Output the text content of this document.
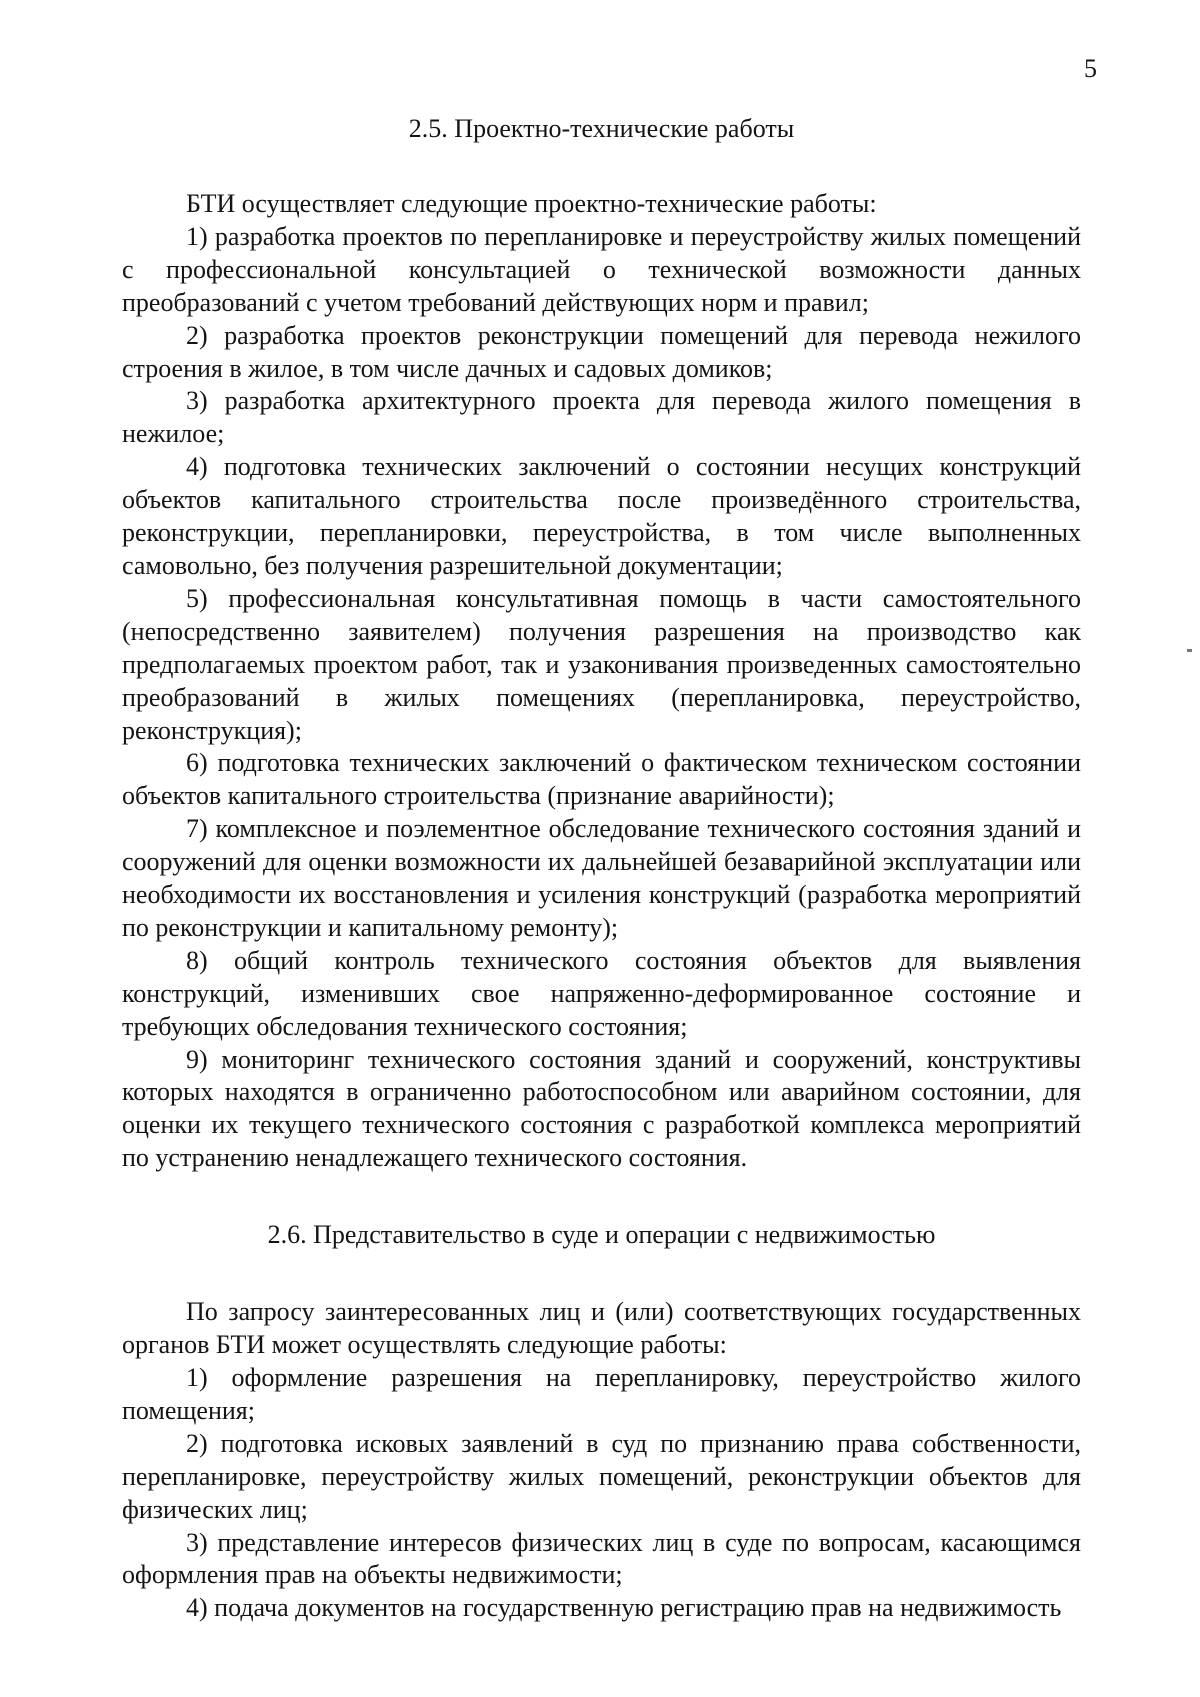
5
2.5. Проектно-технические работы

БТИ осуществляет следующие проектно-технические работы:

1) разработка проектов по перепланировке и переустройству жилых помещений с профессиональной консультацией о технической возможности данных преобразований с учетом требований действующих норм и правил;

2) разработка проектов реконструкции помещений для перевода нежилого строения в жилое, в том числе дачных и садовых домиков;

3) разработка архитектурного проекта для перевода жилого помещения в нежилое;

4) подготовка технических заключений о состоянии несущих конструкций объектов капитального строительства после произведённого строительства, реконструкции, перепланировки, переустройства, в том числе выполненных самовольно, без получения разрешительной документации;

5) профессиональная консультативная помощь в части самостоятельного (непосредственно заявителем) получения разрешения на производство как предполагаемых проектом работ, так и узаконивания произведенных самостоятельно преобразований в жилых помещениях (перепланировка, переустройство, реконструкция);

6) подготовка технических заключений о фактическом техническом состоянии объектов капитального строительства (признание аварийности);

7) комплексное и поэлементное обследование технического состояния зданий и сооружений для оценки возможности их дальнейшей безаварийной эксплуатации или необходимости их восстановления и усиления конструкций (разработка мероприятий по реконструкции и капитальному ремонту);

8) общий контроль технического состояния объектов для выявления конструкций, изменивших свое напряженно-деформированное состояние и требующих обследования технического состояния;

9) мониторинг технического состояния зданий и сооружений, конструктивы которых находятся в ограниченно работоспособном или аварийном состоянии, для оценки их текущего технического состояния с разработкой комплекса мероприятий по устранению ненадлежащего технического состояния.

2.6. Представительство в суде и операции с недвижимостью

По запросу заинтересованных лиц и (или) соответствующих государственных органов БТИ может осуществлять следующие работы:

1) оформление разрешения на перепланировку, переустройство жилого помещения;

2) подготовка исковых заявлений в суд по признанию права собственности, перепланировке, переустройству жилых помещений, реконструкции объектов для физических лиц;

3) представление интересов физических лиц в суде по вопросам, касающимся оформления прав на объекты недвижимости;

4) подача документов на государственную регистрацию прав на недвижимость
